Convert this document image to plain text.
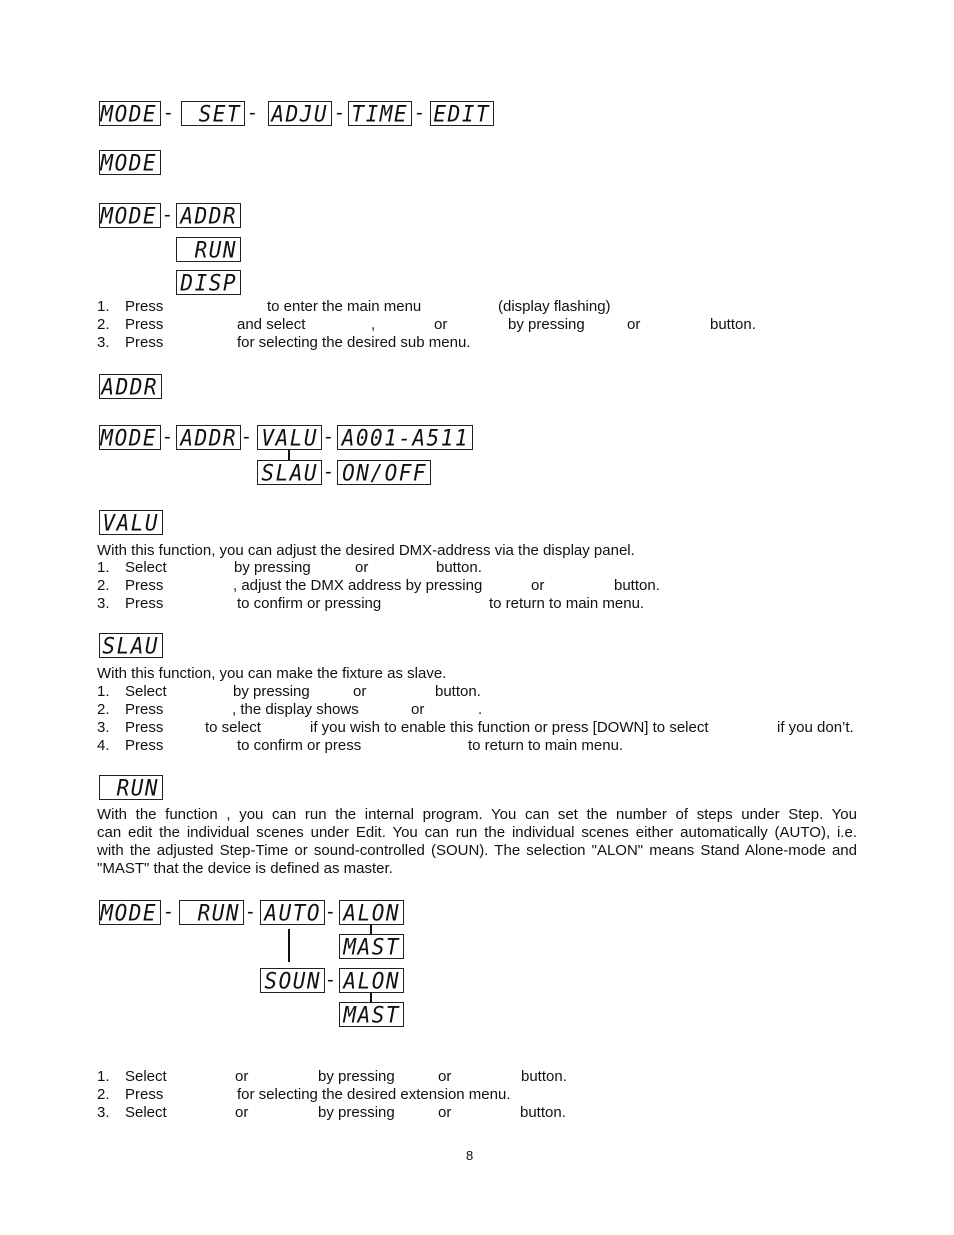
MODE - SET - ADJU - TIME - EDIT
MODE
MODE - ADDR
RUN
DISP
1. Press	to enter the main menu	(display flashing)
2. Press	and select	,	or	by pressing	or	button.
3. Press	for selecting the desired sub menu.
ADDR
MODE - ADDR - VALU - A001-A511
SLAU - ON/OFF
VALU
With this function, you can adjust the desired DMX-address via the display panel.
1. Select	by pressing	or	button.
2. Press	, adjust the DMX address by pressing	or	button.
3. Press	to confirm or pressing	to return to main menu.
SLAU
With this function, you can make the fixture as slave.
1. Select	by pressing	or	button.
2. Press	, the display shows	or	.
3. Press	to select	if you wish to enable this function or press [DOWN] to select	if you don’t.
4. Press	to confirm or press	to return to main menu.
RUN
With the function , you can run the internal program. You can set the number of steps under Step. You
can edit the individual scenes under Edit. You can run the individual scenes either automatically (AUTO), i.e.
with the adjusted Step-Time or sound-controlled (SOUN). The selection "ALON" means Stand Alone-mode and
"MAST" that the device is defined as master.
MODE - RUN - AUTO - ALON
MAST
SOUN - ALON
MAST
1. Select	or	by pressing	or	button.
2. Press	for selecting the desired extension menu.
3. Select	or	by pressing	or	button.
8
